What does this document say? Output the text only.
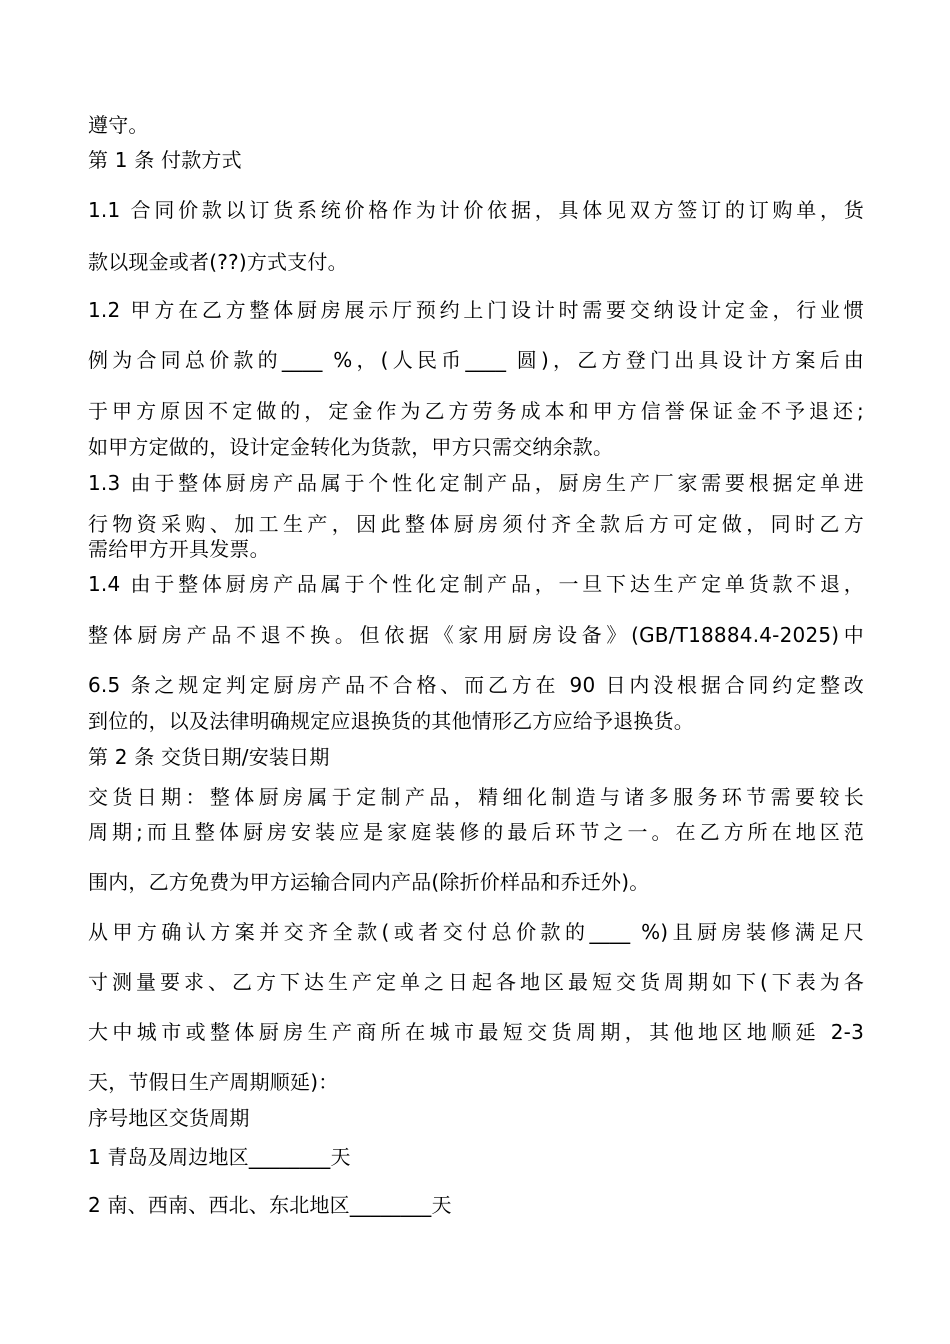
遵守。

第 1 条 付款方式

1.1 合同价款以订货系统价格作为计价依据，具体见双方签订的订购单，货

款以现金或者(??)方式支付。

1.2 甲方在乙方整体厨房展示厅预约上门设计时需要交纳设计定金，行业惯

例为合同总价款的____ %，(人民币____ 圆)，乙方登门出具设计方案后由

于甲方原因不定做的，定金作为乙方劳务成本和甲方信誉保证金不予退还;

如甲方定做的，设计定金转化为货款，甲方只需交纳余款。

1.3 由于整体厨房产品属于个性化定制产品，厨房生产厂家需要根据定单进

行物资采购、加工生产，因此整体厨房须付齐全款后方可定做，同时乙方

需给甲方开具发票。

1.4 由于整体厨房产品属于个性化定制产品，一旦下达生产定单货款不退，

整体厨房产品不退不换。但依据《家用厨房设备》(GB/T18884.4-2025)中

6.5 条之规定判定厨房产品不合格、而乙方在 90 日内没根据合同约定整改

到位的，以及法律明确规定应退换货的其他情形乙方应给予退换货。

第 2 条 交货日期/安装日期

交货日期：整体厨房属于定制产品，精细化制造与诸多服务环节需要较长

周期;而且整体厨房安装应是家庭装修的最后环节之一。在乙方所在地区范

围内，乙方免费为甲方运输合同内产品(除折价样品和乔迁外)。

从甲方确认方案并交齐全款(或者交付总价款的____ %)且厨房装修满足尺

寸测量要求、乙方下达生产定单之日起各地区最短交货周期如下(下表为各

大中城市或整体厨房生产商所在城市最短交货周期，其他地区地顺延 2-3

天，节假日生产周期顺延)：

序号地区交货周期

1 青岛及周边地区________天

2 南、西南、西北、东北地区________天
